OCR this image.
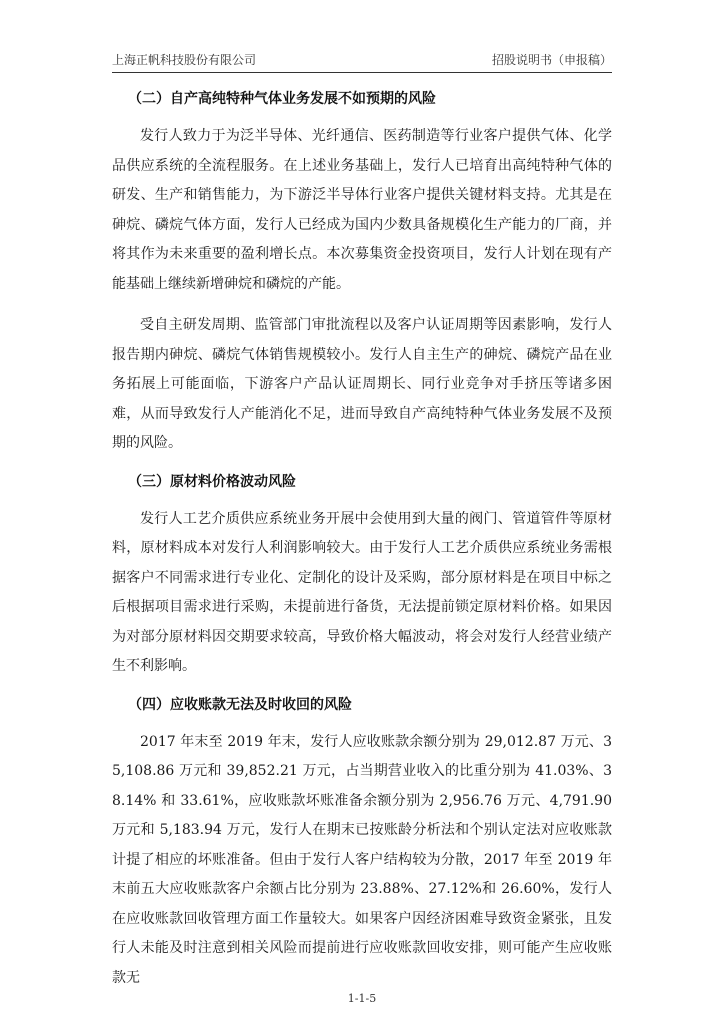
上海正帆科技股份有限公司	招股说明书（申报稿）
（二）自产高纯特种气体业务发展不如预期的风险

发行人致力于为泛半导体、光纤通信、医药制造等行业客户提供气体、化学品供应系统的全流程服务。在上述业务基础上，发行人已培育出高纯特种气体的研发、生产和销售能力，为下游泛半导体行业客户提供关键材料支持。尤其是在砷烷、磷烷气体方面，发行人已经成为国内少数具备规模化生产能力的厂商，并将其作为未来重要的盈利增长点。本次募集资金投资项目，发行人计划在现有产能基础上继续新增砷烷和磷烷的产能。

受自主研发周期、监管部门审批流程以及客户认证周期等因素影响，发行人报告期内砷烷、磷烷气体销售规模较小。发行人自主生产的砷烷、磷烷产品在业务拓展上可能面临，下游客户产品认证周期长、同行业竞争对手挤压等诸多困难，从而导致发行人产能消化不足，进而导致自产高纯特种气体业务发展不及预期的风险。

（三）原材料价格波动风险

发行人工艺介质供应系统业务开展中会使用到大量的阀门、管道管件等原材料，原材料成本对发行人利润影响较大。由于发行人工艺介质供应系统业务需根据客户不同需求进行专业化、定制化的设计及采购，部分原材料是在项目中标之后根据项目需求进行采购，未提前进行备货，无法提前锁定原材料价格。如果因为对部分原材料因交期要求较高，导致价格大幅波动，将会对发行人经营业绩产生不利影响。

（四）应收账款无法及时收回的风险

2017 年末至 2019 年末，发行人应收账款余额分别为 29,012.87 万元、35,108.86 万元和 39,852.21 万元，占当期营业收入的比重分别为 41.03%、38.14% 和 33.61%，应收账款坏账准备余额分别为 2,956.76 万元、4,791.90 万元和 5,183.94 万元，发行人在期末已按账龄分析法和个别认定法对应收账款计提了相应的坏账准备。但由于发行人客户结构较为分散，2017 年至 2019 年末前五大应收账款客户余额占比分别为 23.88%、27.12%和 26.60%，发行人在应收账款回收管理方面工作量较大。如果客户因经济困难导致资金紧张，且发行人未能及时注意到相关风险而提前进行应收账款回收安排，则可能产生应收账款无

1-1-5
